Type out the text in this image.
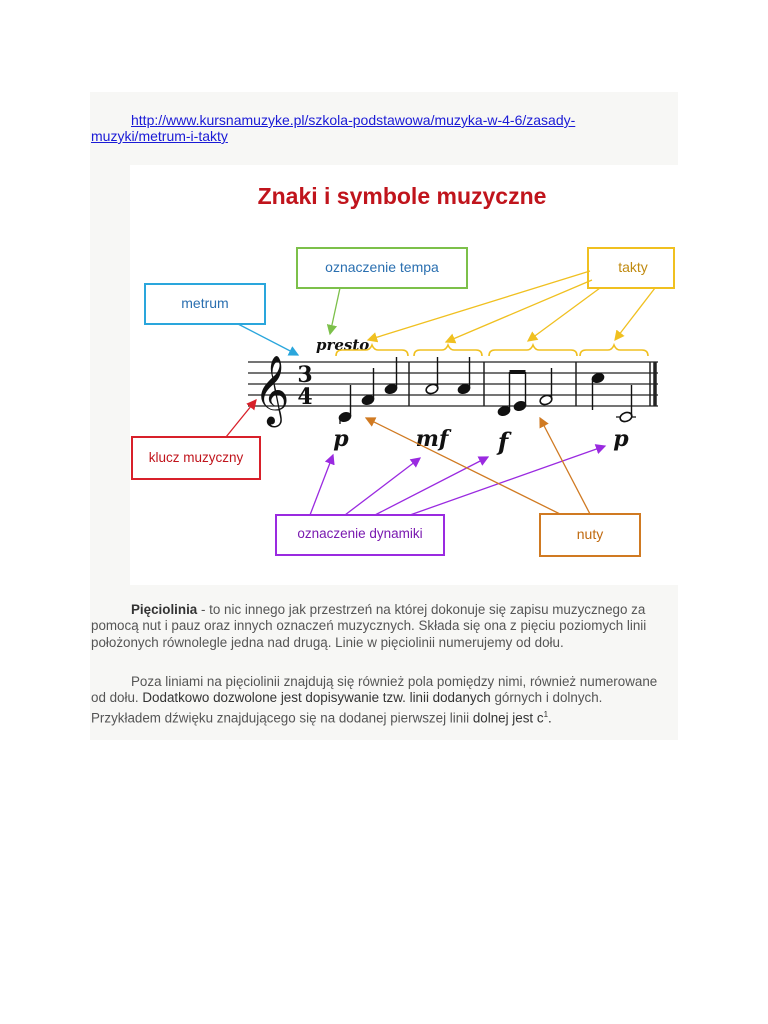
http://www.kursnamuzyke.pl/szkola-podstawowa/muzyka-w-4-6/zasady-muzyki/metrum-i-takty
Znaki i symbole muzyczne
metrum
oznaczenie tempa	takty
klucz muzyczny
oznaczenie dynamiki	nuty
𝄞 3
4
presto
p	mf f	p
Pięciolinia - to nic innego jak przestrzeń na której dokonuje się zapisu muzycznego za pomocą nut i pauz oraz innych oznaczeń muzycznych. Składa się ona z pięciu poziomych linii położonych równolegle jedna nad drugą. Linie w pięciolinii numerujemy od dołu.
Poza liniami na pięciolinii znajdują się również pola pomiędzy nimi, również numerowane od dołu. Dodatkowo dozwolone jest dopisywanie tzw. linii dodanych górnych i dolnych. Przykładem dźwięku znajdującego się na dodanej pierwszej linii dolnej jest $c^1$.
